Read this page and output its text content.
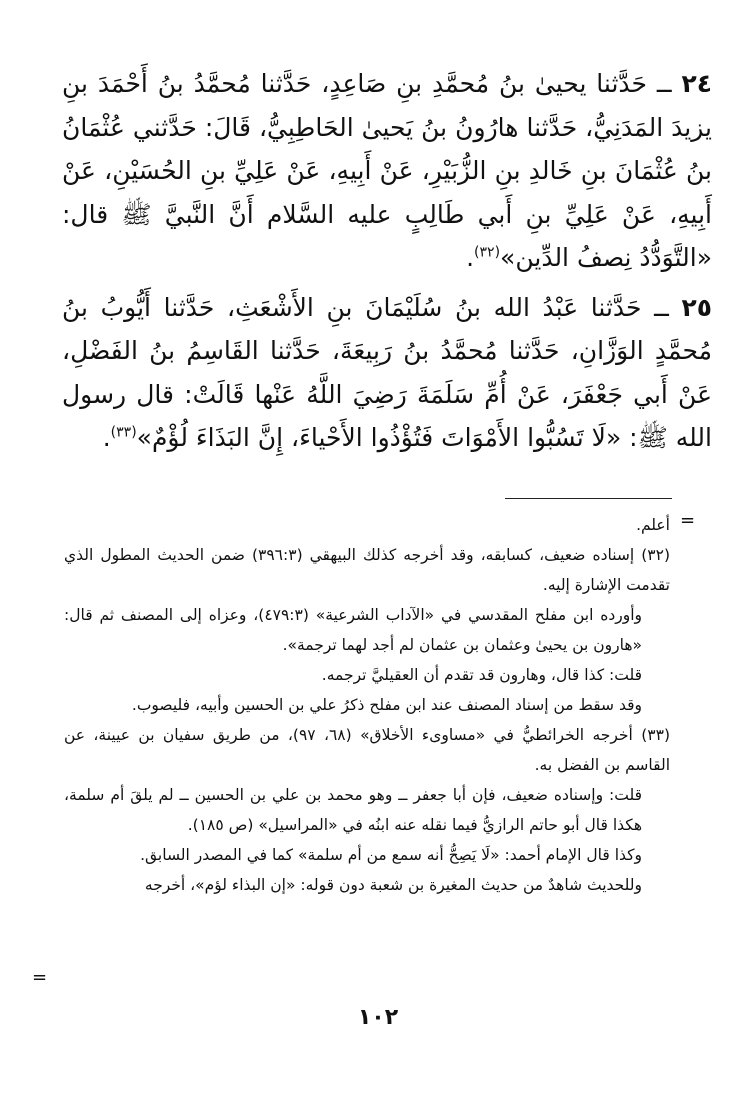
٢٤ ــ حَدَّثنا يحيىٰ بنُ مُحمَّدِ بنِ صَاعِدٍ، حَدَّثنا مُحمَّدُ بنُ أَحْمَدَ بنِ يزيدَ المَدَنِيُّ، حَدَّثنا هارُونُ بنُ يَحيىٰ الحَاطِبِيُّ، قَالَ: حَدَّثني عُثْمَانُ بنُ عُثْمَانَ بنِ خَالدِ بنِ الزُّبَيْرِ، عَنْ أَبِيهِ، عَنْ عَلِيِّ بنِ الحُسَيْنِ، عَنْ أَبِيهِ، عَنْ عَلِيِّ بنِ أَبي طَالِبٍ عليه السَّلام أَنَّ النَّبيَّ ﷺ قال: «التَّوَدُّدُ نِصفُ الدِّين»$^{(٣٢)}$.

٢٥ ــ حَدَّثنا عَبْدُ الله بنُ سُلَيْمَانَ بنِ الأَشْعَثِ، حَدَّثنا أَيُّوبُ بنُ مُحمَّدٍ الوَزَّانِ، حَدَّثنا مُحمَّدُ بنُ رَبِيعَةَ، حَدَّثنا القَاسِمُ بنُ الفَضْلِ، عَنْ أَبي جَعْفَرَ، عَنْ أُمِّ سَلَمَةَ رَضِيَ اللَّهُ عَنْها قَالَتْ: قال رسول الله ﷺ: «لَا تَسُبُّوا الأَمْوَاتَ فَتُؤْذُوا الأَحْياءَ، إِنَّ البَذَاءَ لُؤْمٌ»$^{(٣٣)}$.

=

أعلم.

(٣٢) إسناده ضعيف، كسابقه، وقد أخرجه كذلك البيهقي (٣٩٦:٣) ضمن الحديث المطول الذي تقدمت الإشارة إليه.

وأورده ابن مفلح المقدسي في «الآداب الشرعية» (٤٧٩:٣)، وعزاه إلى المصنف ثم قال: «هارون بن يحيىٰ وعثمان بن عثمان لم أجد لهما ترجمة».

قلت: كذا قال، وهارون قد تقدم أن العقيليَّ ترجمه.

وقد سقط من إسناد المصنف عند ابن مفلح ذكرُ علي بن الحسين وأبيه، فليصوب.

(٣٣) أخرجه الخرائطيُّ في «مساوىء الأخلاق» (٦٨، ٩٧)، من طريق سفيان بن عيينة، عن القاسم بن الفضل به.

قلت: وإسناده ضعيف، فإن أبا جعفر ــ وهو محمد بن علي بن الحسين ــ لم يلقَ أم سلمة، هكذا قال أبو حاتم الرازيُّ فيما نقله عنه ابنُه في «المراسيل» (ص ١٨٥).

وكذا قال الإمام أحمد: «لَا يَصِحُّ أنه سمع من أم سلمة» كما في المصدر السابق.

وللحديث شاهدٌ من حديث المغيرة بن شعبة دون قوله: «إن البذاء لؤم»، أخرجه

=
١٠٢
